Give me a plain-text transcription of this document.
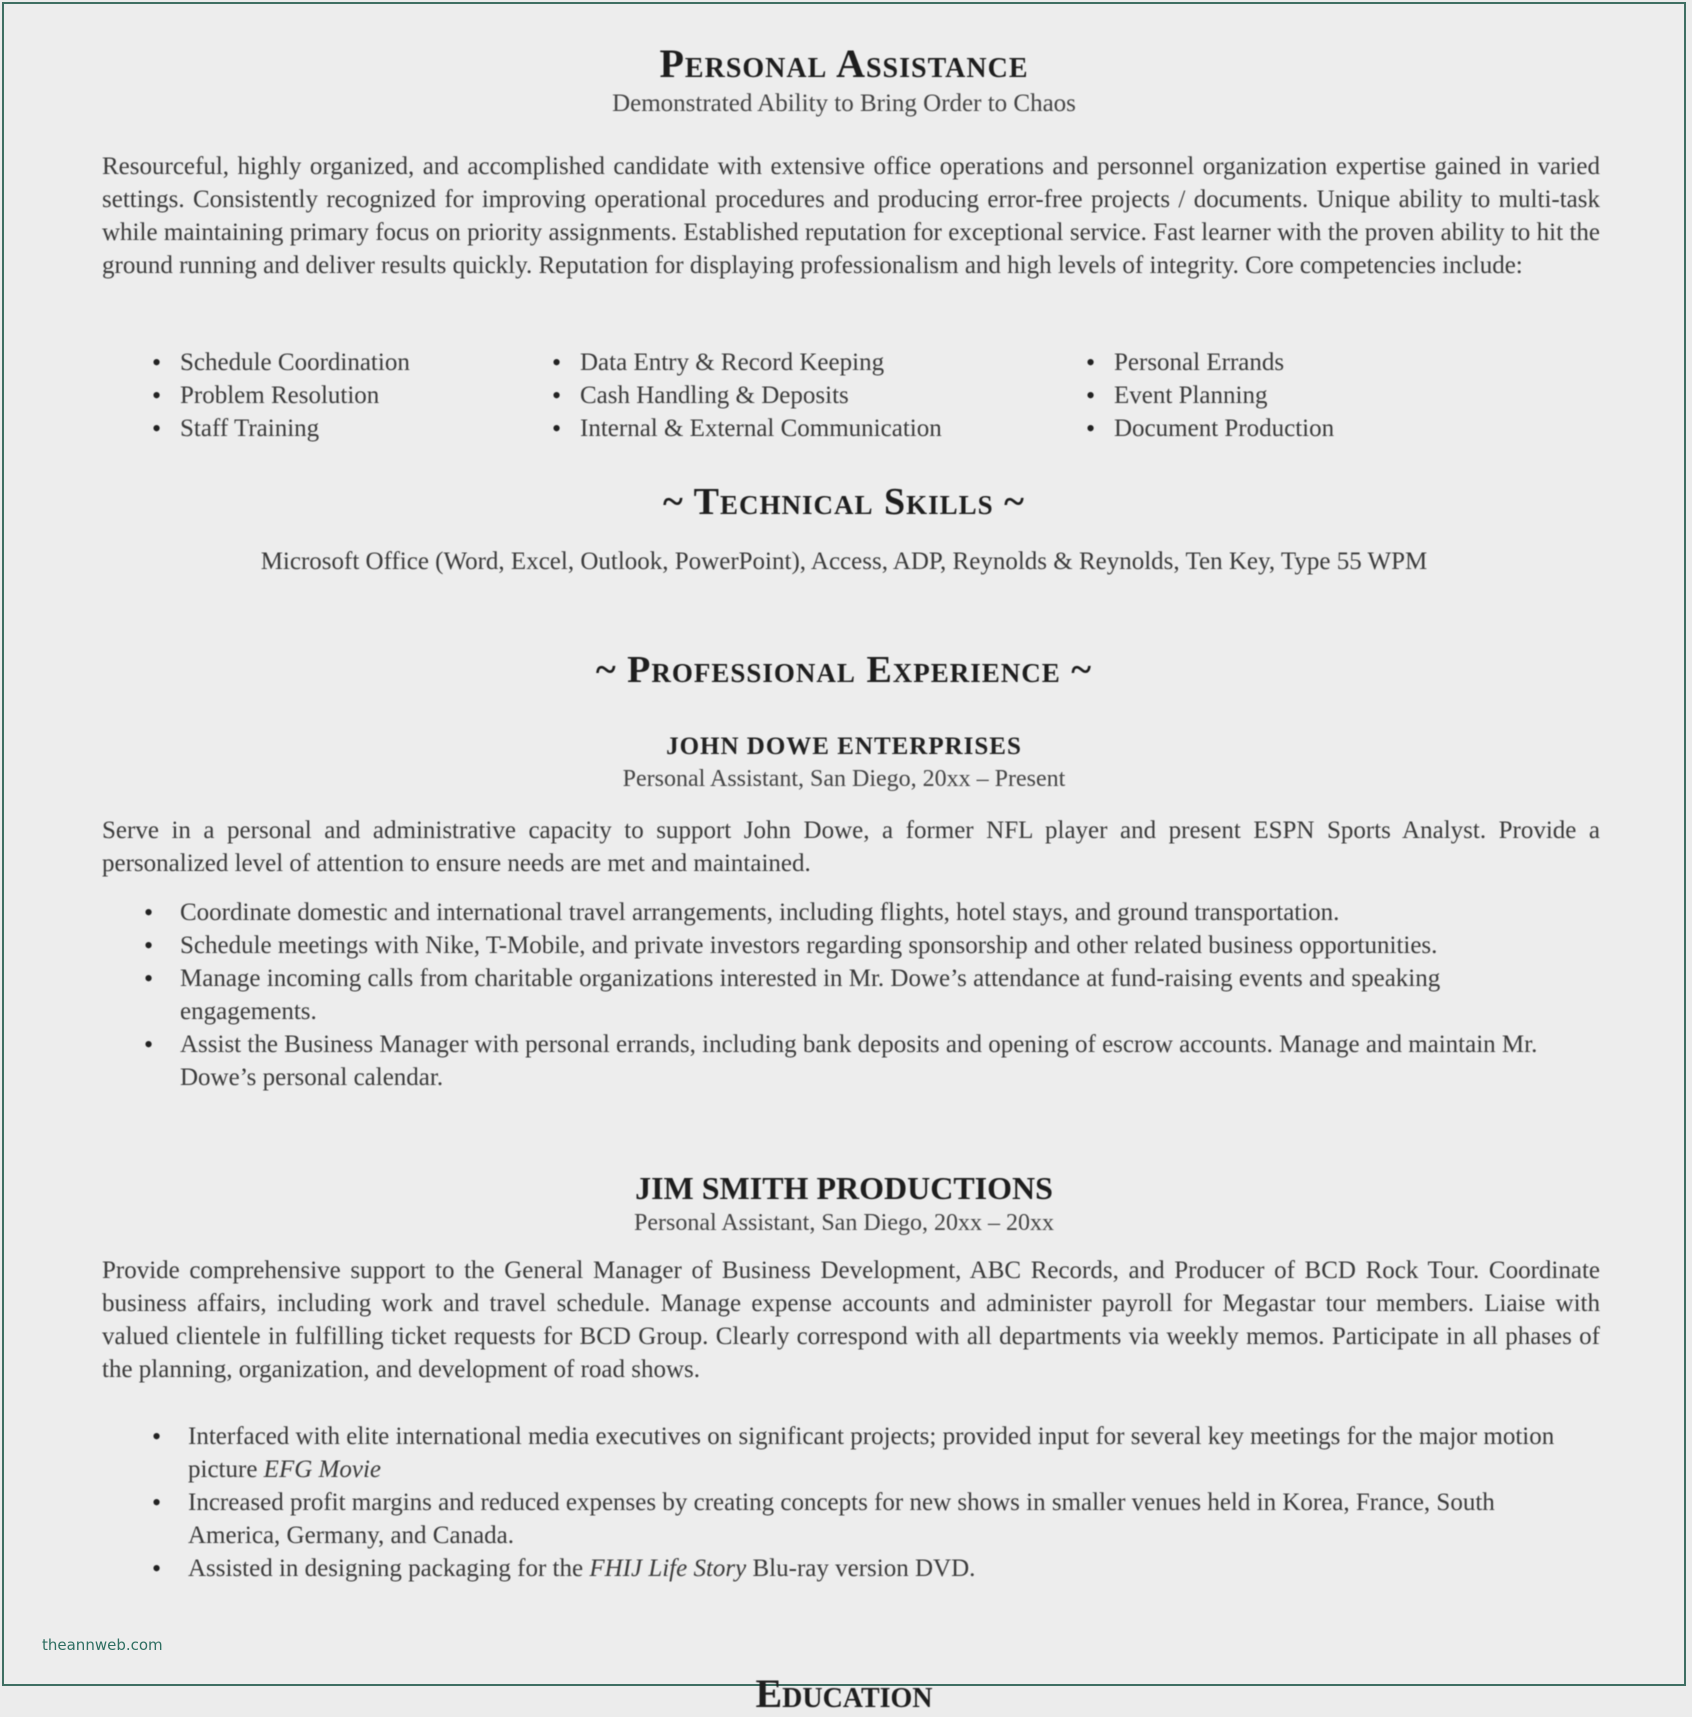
Personal Assistance
Demonstrated Ability to Bring Order to Chaos
Resourceful, highly organized, and accomplished candidate with extensive office operations and personnel organization expertise gained in varied settings. Consistently recognized for improving operational procedures and producing error-free projects / documents. Unique ability to multi-task while maintaining primary focus on priority assignments. Established reputation for exceptional service. Fast learner with the proven ability to hit the ground running and deliver results quickly. Reputation for displaying professionalism and high levels of integrity. Core competencies include:
• Schedule Coordination
• Problem Resolution
• Staff Training
• Data Entry & Record Keeping
• Cash Handling & Deposits
• Internal & External Communication
• Personal Errands
• Event Planning
• Document Production
~ Technical Skills ~
Microsoft Office (Word, Excel, Outlook, PowerPoint), Access, ADP, Reynolds & Reynolds, Ten Key, Type 55 WPM
~ Professional Experience ~
JOHN DOWE ENTERPRISES
Personal Assistant, San Diego, 20xx – Present
Serve in a personal and administrative capacity to support John Dowe, a former NFL player and present ESPN Sports Analyst. Provide a personalized level of attention to ensure needs are met and maintained.
• Coordinate domestic and international travel arrangements, including flights, hotel stays, and ground transportation.
• Schedule meetings with Nike, T-Mobile, and private investors regarding sponsorship and other related business opportunities.
• Manage incoming calls from charitable organizations interested in Mr. Dowe’s attendance at fund-raising events and speaking engagements.
• Assist the Business Manager with personal errands, including bank deposits and opening of escrow accounts. Manage and maintain Mr. Dowe’s personal calendar.
JIM SMITH PRODUCTIONS
Personal Assistant, San Diego, 20xx – 20xx
Provide comprehensive support to the General Manager of Business Development, ABC Records, and Producer of BCD Rock Tour. Coordinate business affairs, including work and travel schedule. Manage expense accounts and administer payroll for Megastar tour members. Liaise with valued clientele in fulfilling ticket requests for BCD Group. Clearly correspond with all departments via weekly memos. Participate in all phases of the planning, organization, and development of road shows.
• Interfaced with elite international media executives on significant projects; provided input for several key meetings for the major motion picture EFG Movie
• Increased profit margins and reduced expenses by creating concepts for new shows in smaller venues held in Korea, France, South America, Germany, and Canada.
• Assisted in designing packaging for the FHIJ Life Story Blu-ray version DVD.
Education
theannweb.com
